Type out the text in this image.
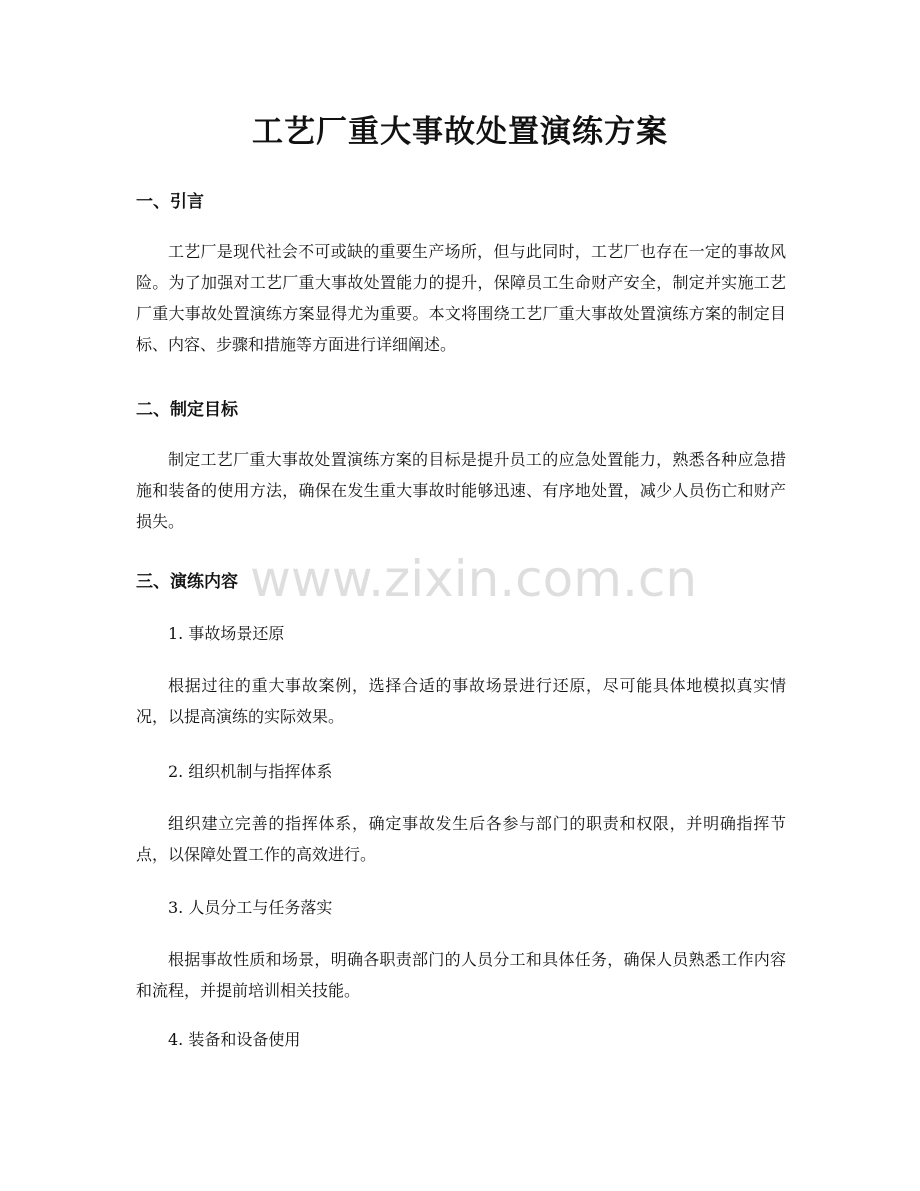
工艺厂重大事故处置演练方案
一、引言

工艺厂是现代社会不可或缺的重要生产场所，但与此同时，工艺厂也存在一定的事故风险。为了加强对工艺厂重大事故处置能力的提升，保障员工生命财产安全，制定并实施工艺厂重大事故处置演练方案显得尤为重要。本文将围绕工艺厂重大事故处置演练方案的制定目标、内容、步骤和措施等方面进行详细阐述。

二、制定目标

制定工艺厂重大事故处置演练方案的目标是提升员工的应急处置能力，熟悉各种应急措施和装备的使用方法，确保在发生重大事故时能够迅速、有序地处置，减少人员伤亡和财产损失。

三、演练内容

1. 事故场景还原

根据过往的重大事故案例，选择合适的事故场景进行还原，尽可能具体地模拟真实情况，以提高演练的实际效果。

2. 组织机制与指挥体系

组织建立完善的指挥体系，确定事故发生后各参与部门的职责和权限，并明确指挥节点，以保障处置工作的高效进行。

3. 人员分工与任务落实

根据事故性质和场景，明确各职责部门的人员分工和具体任务，确保人员熟悉工作内容和流程，并提前培训相关技能。

4. 装备和设备使用

www.zixin.com.cn
